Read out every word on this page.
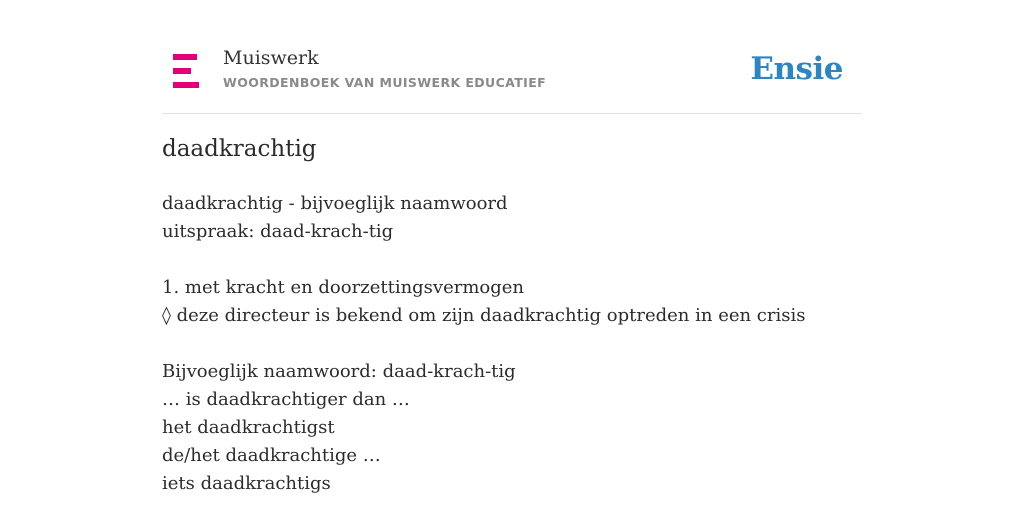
Muiswerk
WOORDENBOEK VAN MUISWERK EDUCATIEF	Ensie
daadkrachtig
daadkrachtig - bijvoeglijk naamwoord
uitspraak: daad-krach-tig
1. met kracht en doorzettingsvermogen
◊ deze directeur is bekend om zijn daadkrachtig optreden in een crisis
Bijvoeglijk naamwoord: daad-krach-tig
… is daadkrachtiger dan …
het daadkrachtigst
de/het daadkrachtige …
iets daadkrachtigs
